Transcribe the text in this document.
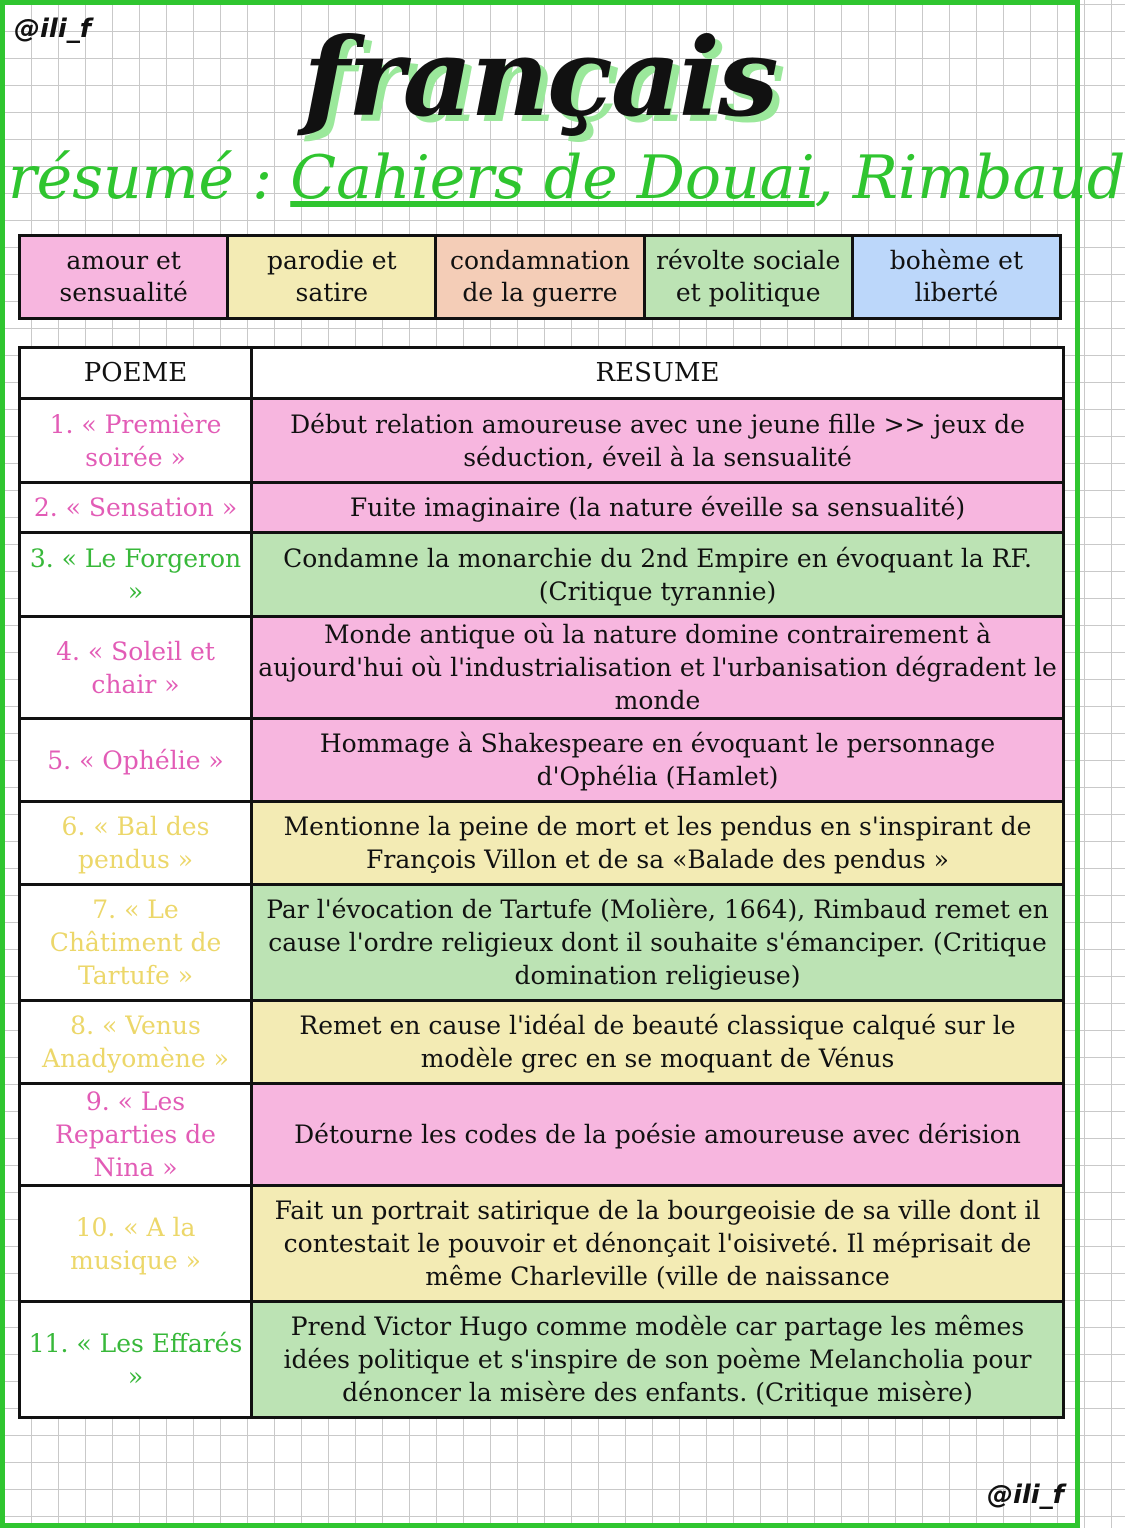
@ili_f	français
résumé : Cahiers de Douai, Rimbaud
amour et sensualité
parodie et satire
condamnation de la guerre
révolte sociale et politique
bohème et liberté
POEME	RESUME
1. « Première soirée »	Début relation amoureuse avec une jeune fille >> jeux de séduction, éveil à la sensualité
2. « Sensation »	Fuite imaginaire (la nature éveille sa sensualité)
3. « Le Forgeron »	Condamne la monarchie du 2nd Empire en évoquant la RF. (Critique tyrannie)
4. « Soleil et chair »	Monde antique où la nature domine contrairement à aujourd'hui où l'industrialisation et l'urbanisation dégradent le monde
5. « Ophélie »	Hommage à Shakespeare en évoquant le personnage d'Ophélia (Hamlet)
6. « Bal des pendus »	Mentionne la peine de mort et les pendus en s'inspirant de François Villon et de sa «Balade des pendus »
7. « Le Châtiment de Tartufe »	Par l'évocation de Tartufe (Molière, 1664), Rimbaud remet en cause l'ordre religieux dont il souhaite s'émanciper. (Critique domination religieuse)
8. « Venus Anadyomène »	Remet en cause l'idéal de beauté classique calqué sur le modèle grec en se moquant de Vénus
9. « Les Reparties de Nina »	Détourne les codes de la poésie amoureuse avec dérision
10. « A la musique »	Fait un portrait satirique de la bourgeoisie de sa ville dont il contestait le pouvoir et dénonçait l'oisiveté. Il méprisait de même Charleville (ville de naissance
11. « Les Effarés »	Prend Victor Hugo comme modèle car partage les mêmes idées politique et s'inspire de son poème Melancholia pour dénoncer la misère des enfants. (Critique misère)
@ili_f
